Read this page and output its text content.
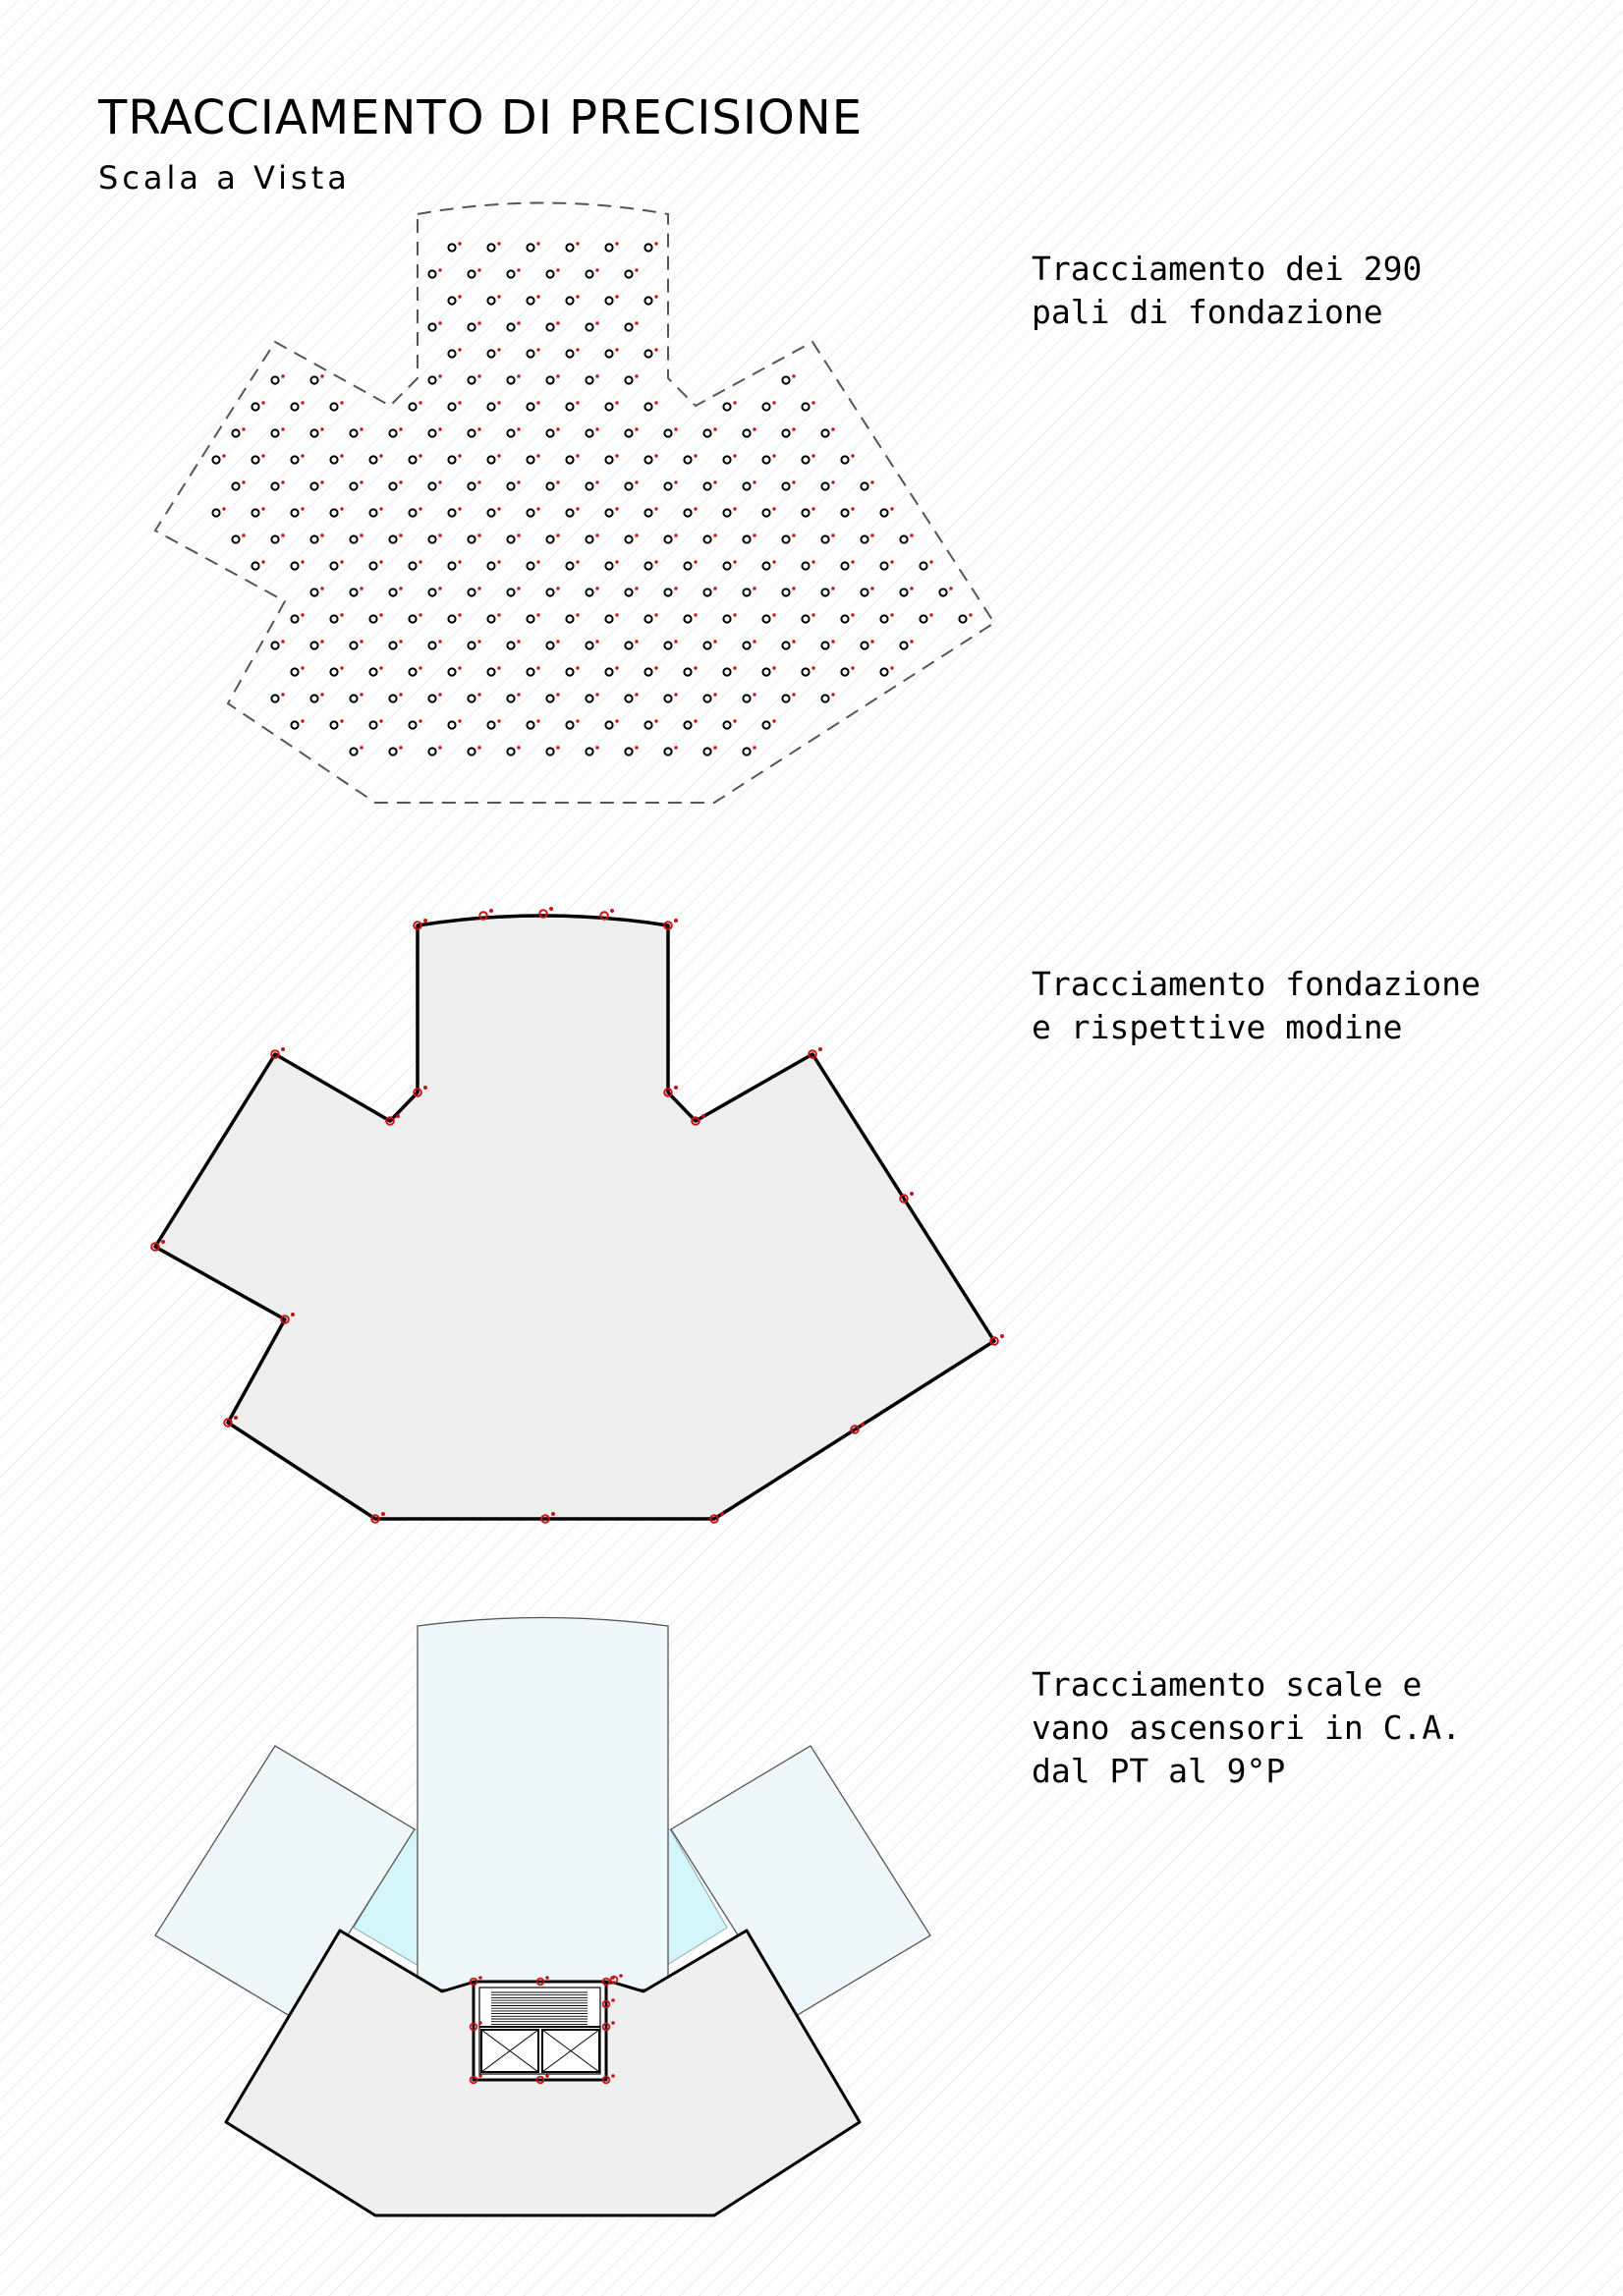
TRACCIAMENTO DI PRECISIONE
Scala a Vista
Tracciamento dei 290
pali di fondazione
Tracciamento fondazione
e rispettive modine
Tracciamento scale e
vano ascensori in C.A.
dal PT al 9°P
